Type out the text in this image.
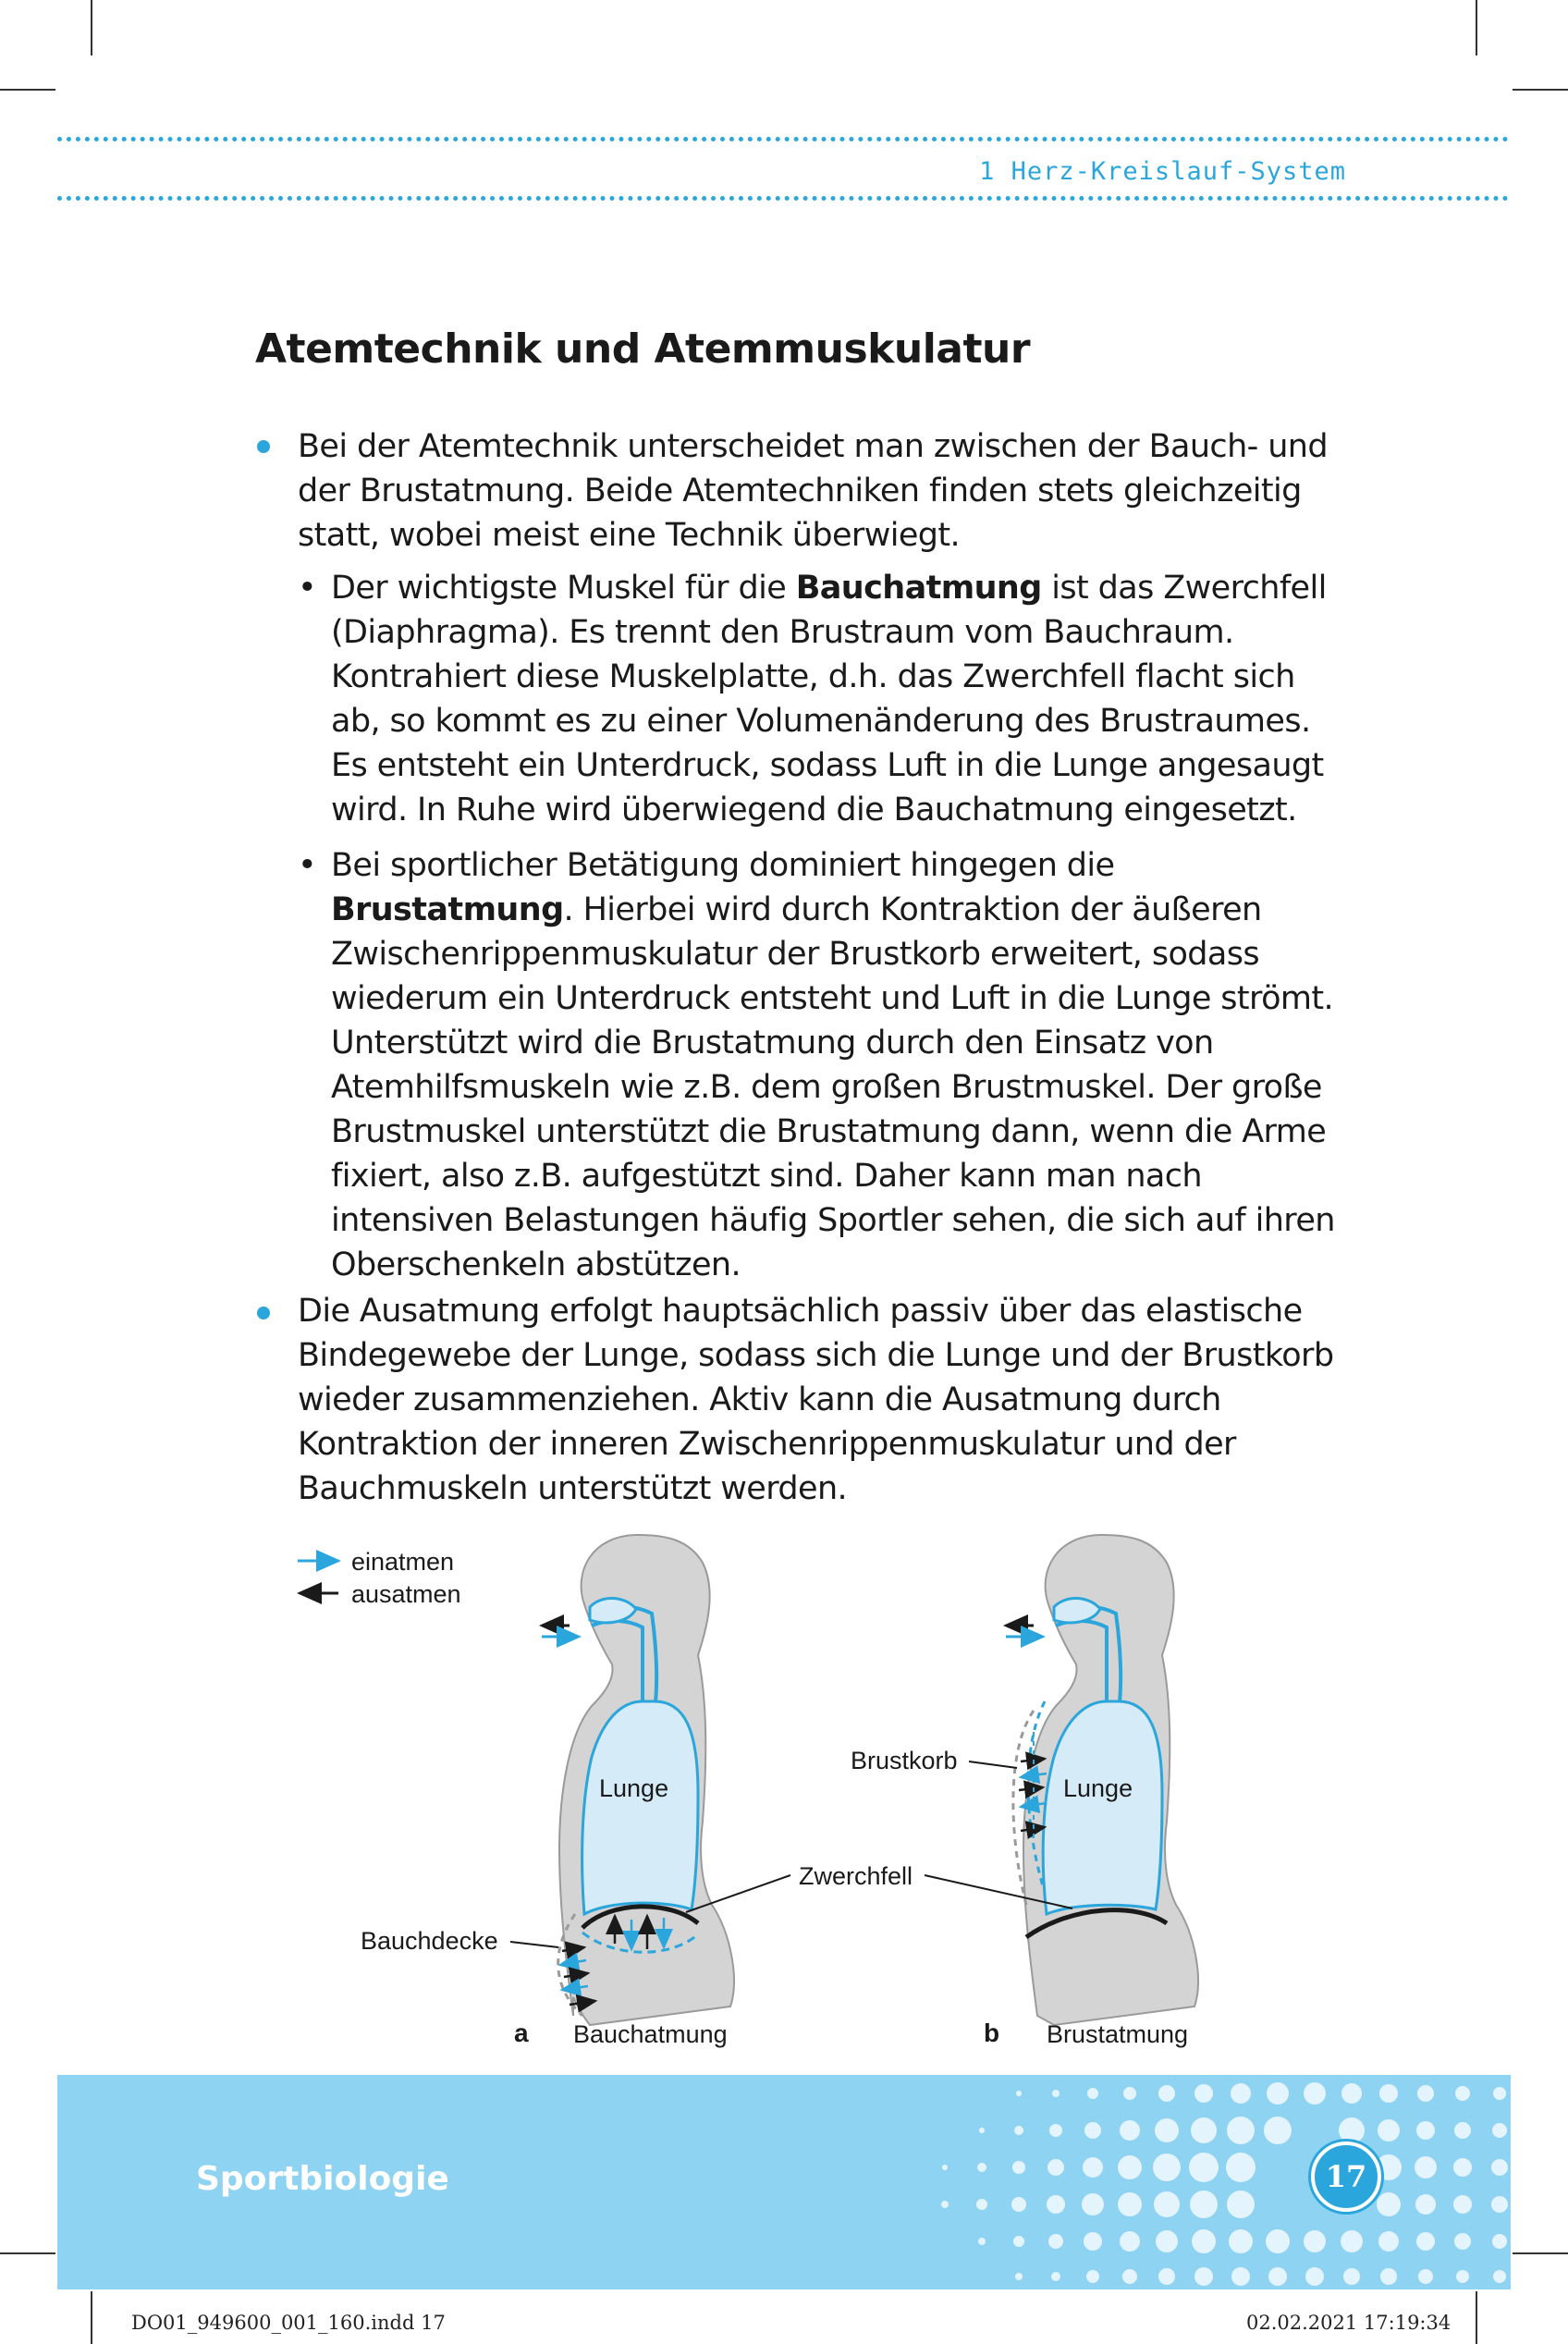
1 Herz-Kreislauf-System
Atemtechnik und Atemmuskulatur

Bei der Atemtechnik unterscheidet man zwischen der Bauch- und der Brustatmung. Beide Atemtechniken finden stets gleichzeitig statt, wobei meist eine Technik überwiegt.

• Der wichtigste Muskel für die Bauchatmung ist das Zwerchfell (Diaphragma). Es trennt den Brustraum vom Bauchraum. Kontrahiert diese Muskelplatte, d.h. das Zwerchfell flacht sich ab, so kommt es zu einer Volumenänderung des Brustraumes. Es entsteht ein Unterdruck, sodass Luft in die Lunge angesaugt wird. In Ruhe wird überwiegend die Bauchatmung eingesetzt.

• Bei sportlicher Betätigung dominiert hingegen die Brustatmung. Hierbei wird durch Kontraktion der äußeren Zwischenrippenmuskulatur der Brustkorb erweitert, sodass wiederum ein Unterdruck entsteht und Luft in die Lunge strömt. Unterstützt wird die Brustatmung durch den Einsatz von Atemhilfsmuskeln wie z.B. dem großen Brustmuskel. Der große Brustmuskel unterstützt die Brustatmung dann, wenn die Arme fixiert, also z.B. aufgestützt sind. Daher kann man nach intensiven Belastungen häufig Sportler sehen, die sich auf ihren Oberschenkeln abstützen.

Die Ausatmung erfolgt hauptsächlich passiv über das elastische Bindegewebe der Lunge, sodass sich die Lunge und der Brustkorb wieder zusammenziehen. Aktiv kann die Ausatmung durch Kontraktion der inneren Zwischenrippenmuskulatur und der Bauchmuskeln unterstützt werden.

einatmen
ausatmen
Lunge	Lunge
Brustkorb
Zwerchfell
Bauchdecke
a Bauchatmung	b Brustatmung
Sportbiologie	17
DO01_949600_001_160.indd 17	02.02.2021 17:19:34
